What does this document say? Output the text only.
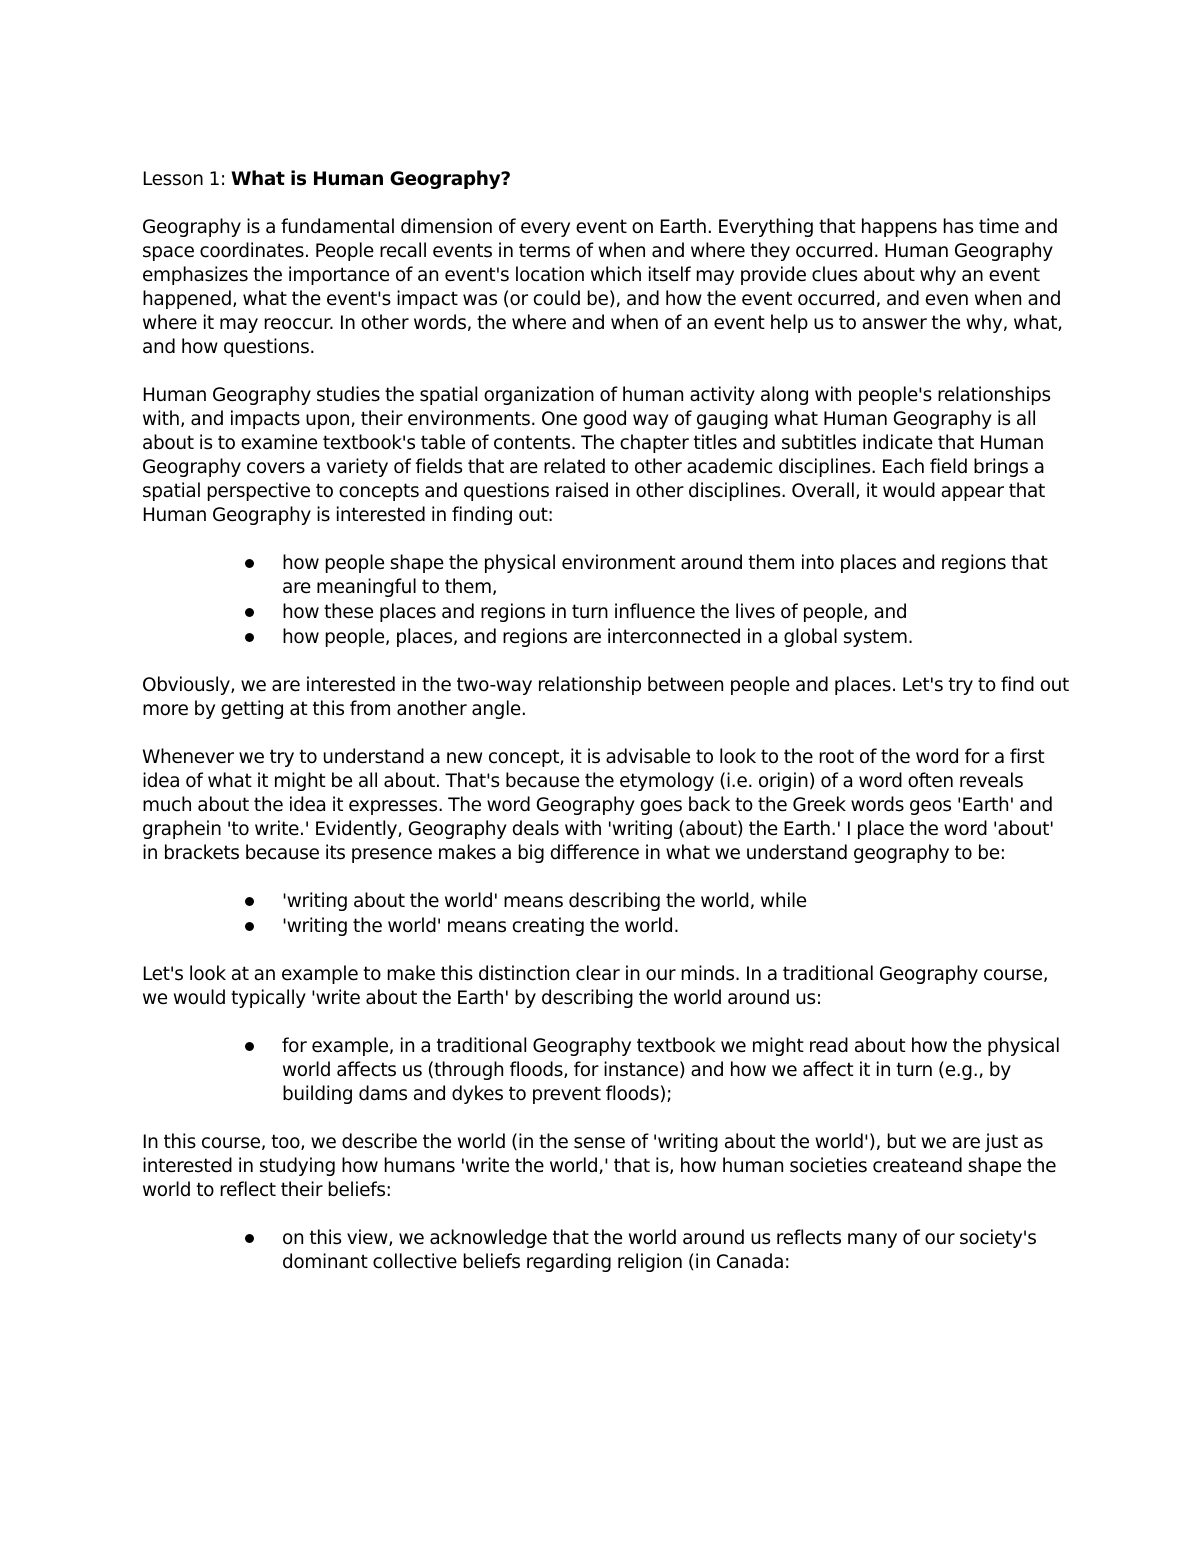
Lesson 1: What is Human Geography?

Geography is a fundamental dimension of every event on Earth. Everything that happens has time and space coordinates. People recall events in terms of when and where they occurred. Human Geography emphasizes the importance of an event's location which itself may provide clues about why an event happened, what the event's impact was (or could be), and how the event occurred, and even when and where it may reoccur. In other words, the where and when of an event help us to answer the why, what, and how questions.

Human Geography studies the spatial organization of human activity along with people's relationships with, and impacts upon, their environments. One good way of gauging what Human Geography is all about is to examine textbook's table of contents. The chapter titles and subtitles indicate that Human Geography covers a variety of fields that are related to other academic disciplines. Each field brings a spatial perspective to concepts and questions raised in other disciplines. Overall, it would appear that Human Geography is interested in finding out:

how people shape the physical environment around them into places and regions that are meaningful to them,
how these places and regions in turn influence the lives of people, and
how people, places, and regions are interconnected in a global system.

Obviously, we are interested in the two-way relationship between people and places. Let's try to find out more by getting at this from another angle.

Whenever we try to understand a new concept, it is advisable to look to the root of the word for a first idea of what it might be all about. That's because the etymology (i.e. origin) of a word often reveals much about the idea it expresses. The word Geography goes back to the Greek words geos 'Earth' and graphein 'to write.' Evidently, Geography deals with 'writing (about) the Earth.' I place the word 'about' in brackets because its presence makes a big difference in what we understand geography to be:

'writing about the world' means describing the world, while
'writing the world' means creating the world.

Let's look at an example to make this distinction clear in our minds. In a traditional Geography course, we would typically 'write about the Earth' by describing the world around us:

for example, in a traditional Geography textbook we might read about how the physical world affects us (through floods, for instance) and how we affect it in turn (e.g., by building dams and dykes to prevent floods);

In this course, too, we describe the world (in the sense of 'writing about the world'), but we are just as interested in studying how humans 'write the world,' that is, how human societies createand shape the world to reflect their beliefs:

on this view, we acknowledge that the world around us reflects many of our society's dominant collective beliefs regarding religion (in Canada:
